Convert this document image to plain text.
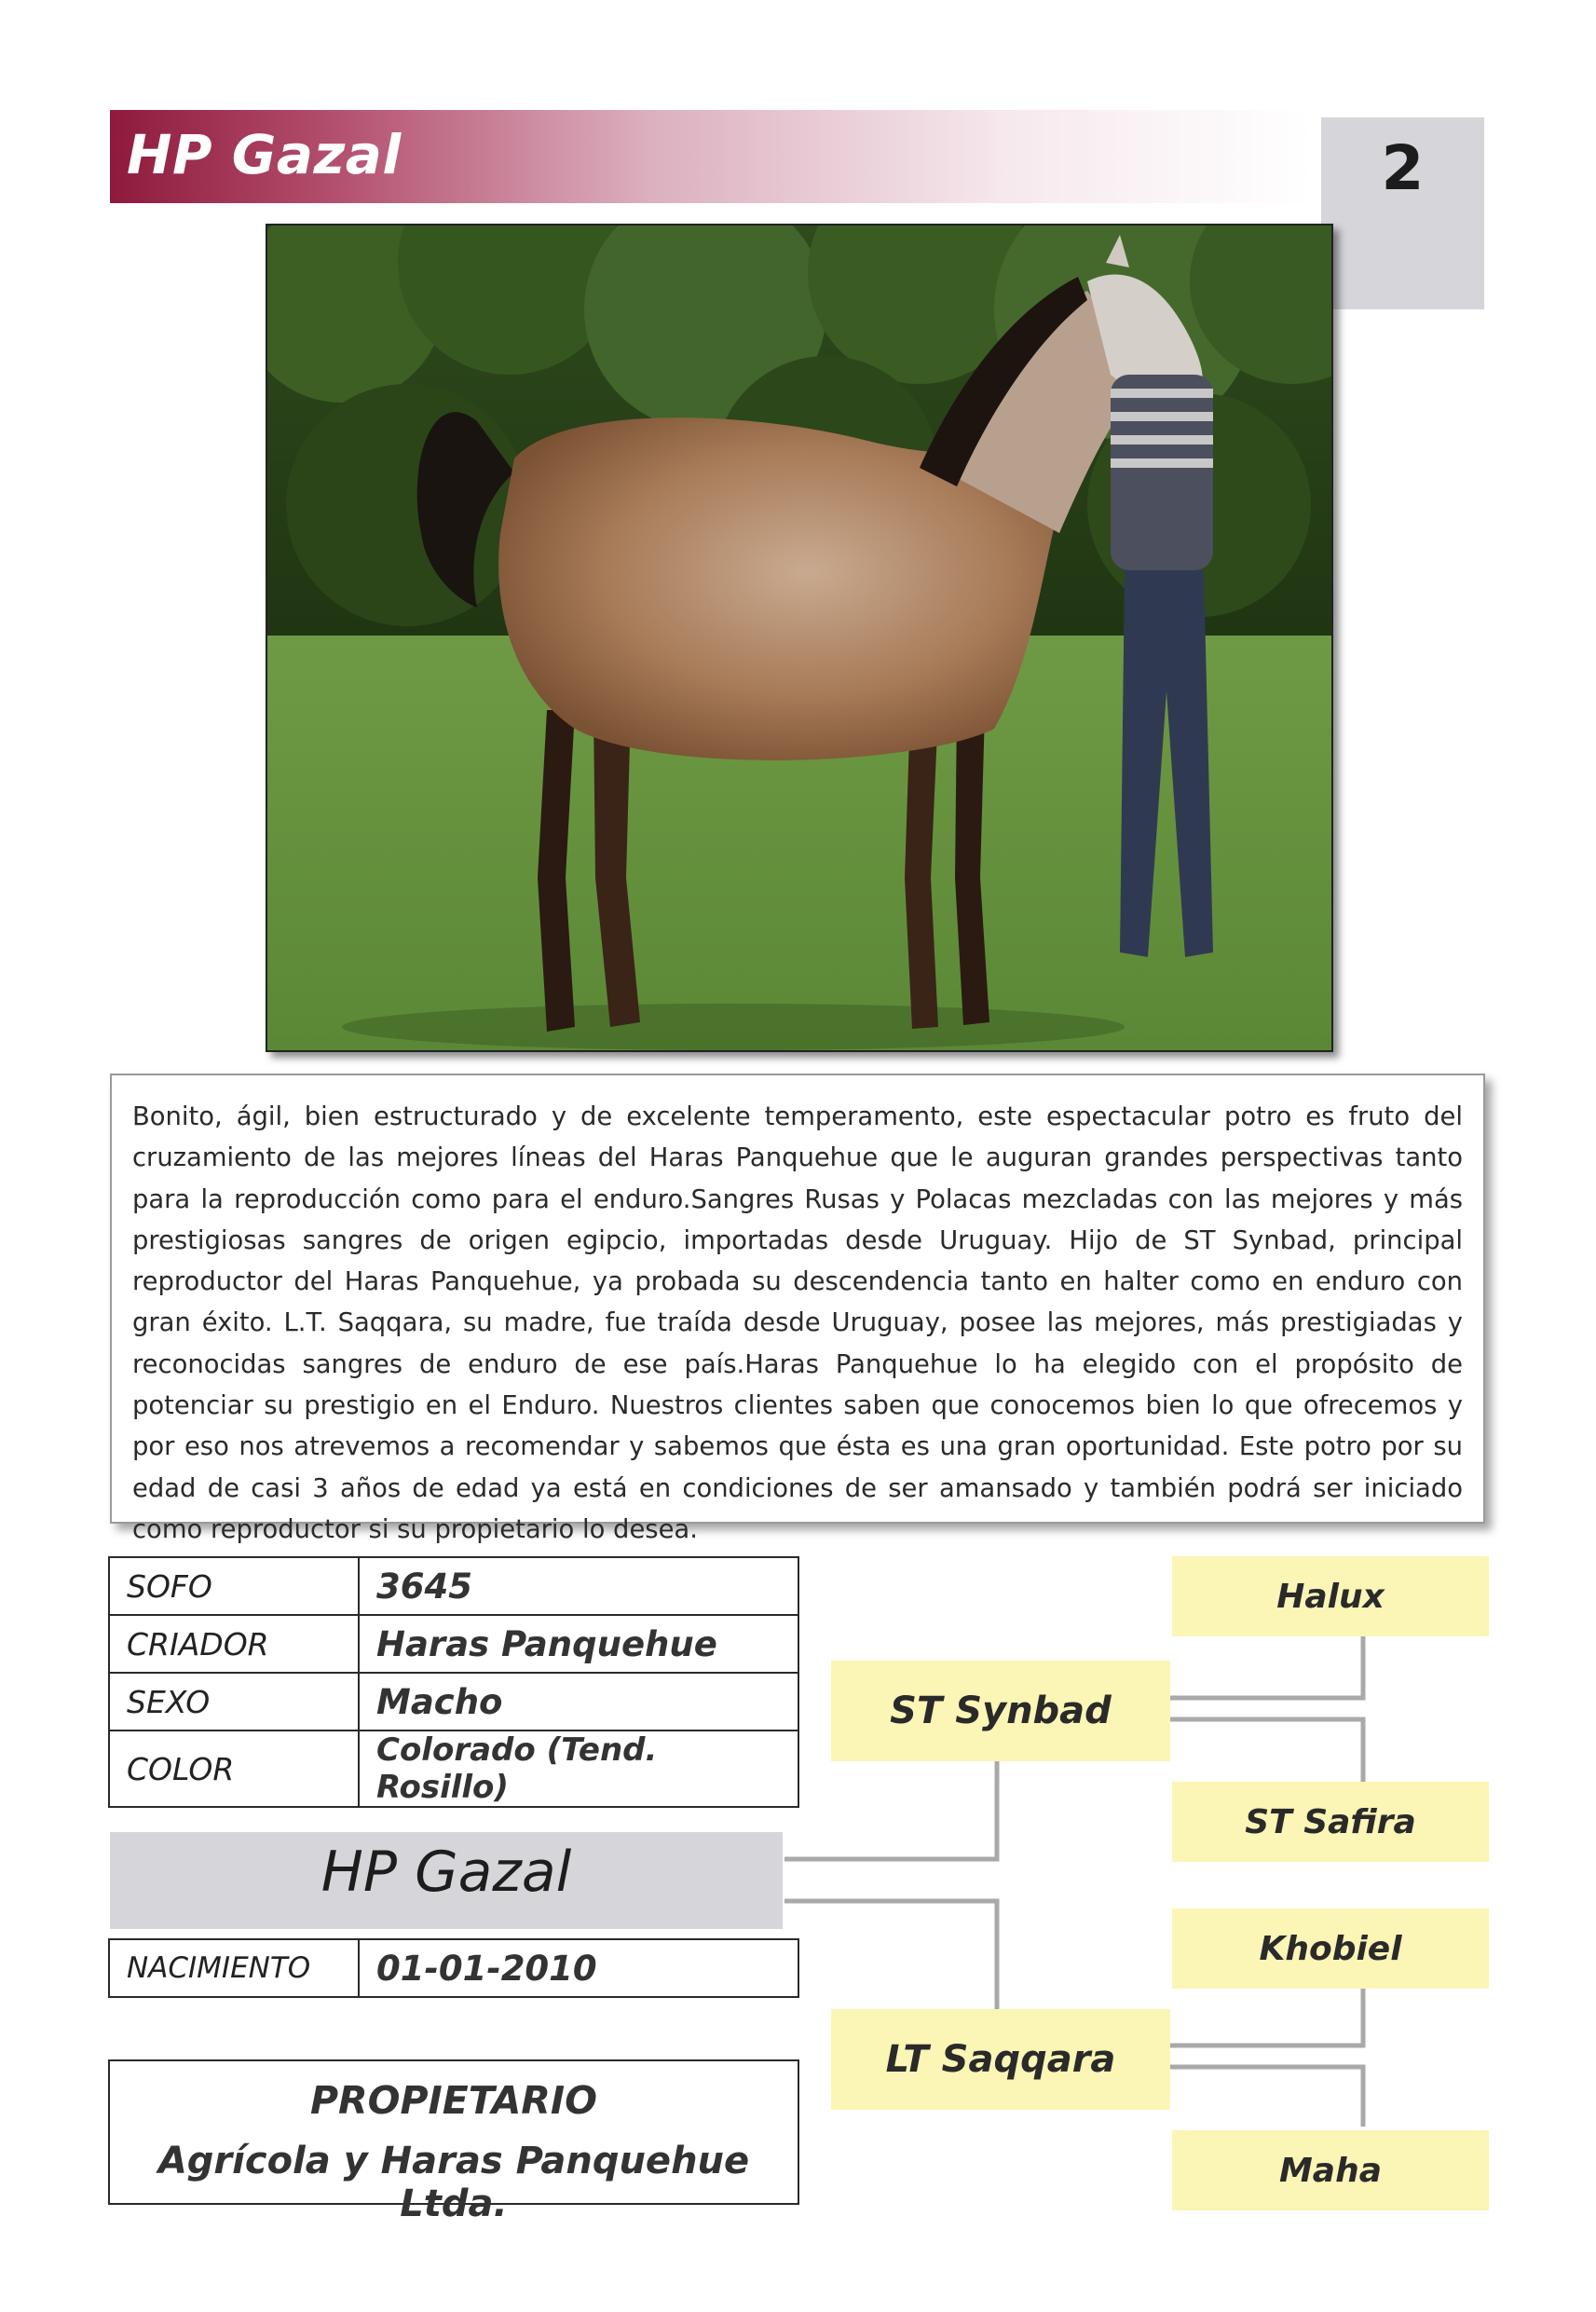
HP Gazal	2

Bonito, ágil, bien estructurado y de excelente temperamento, este espectacular potro es fruto del cruzamiento de las mejores líneas del Haras Panquehue que le auguran grandes perspectivas tanto para la reproducción como para el enduro.Sangres Rusas y Polacas mezcladas con las mejores y más prestigiosas sangres de origen egipcio, importadas desde Uruguay. Hijo de ST Synbad, principal reproductor del Haras Panquehue, ya probada su descendencia tanto en halter como en enduro con gran éxito. L.T. Saqqara, su madre, fue traída desde Uruguay, posee las mejores, más prestigiadas y reconocidas sangres de enduro de ese país.Haras Panquehue lo ha elegido con el propósito de potenciar su prestigio en el Enduro. Nuestros clientes saben que conocemos bien lo que ofrecemos y por eso nos atrevemos a recomendar y sabemos que ésta es una gran oportunidad. Este potro por su edad de casi 3 años de edad ya está en condiciones de ser amansado y también podrá ser iniciado como reproductor si su propietario lo desea.

SOFO	3645
CRIADOR	Haras Panquehue
SEXO	Macho
COLOR	Colorado (Tend. Rosillo)
HP Gazal
NACIMIENTO	01-01-2010
PROPIETARIO
Agrícola y Haras Panquehue Ltda.
ST Synbad
LT Saqqara
Halux
ST Safira
Khobiel
Maha
